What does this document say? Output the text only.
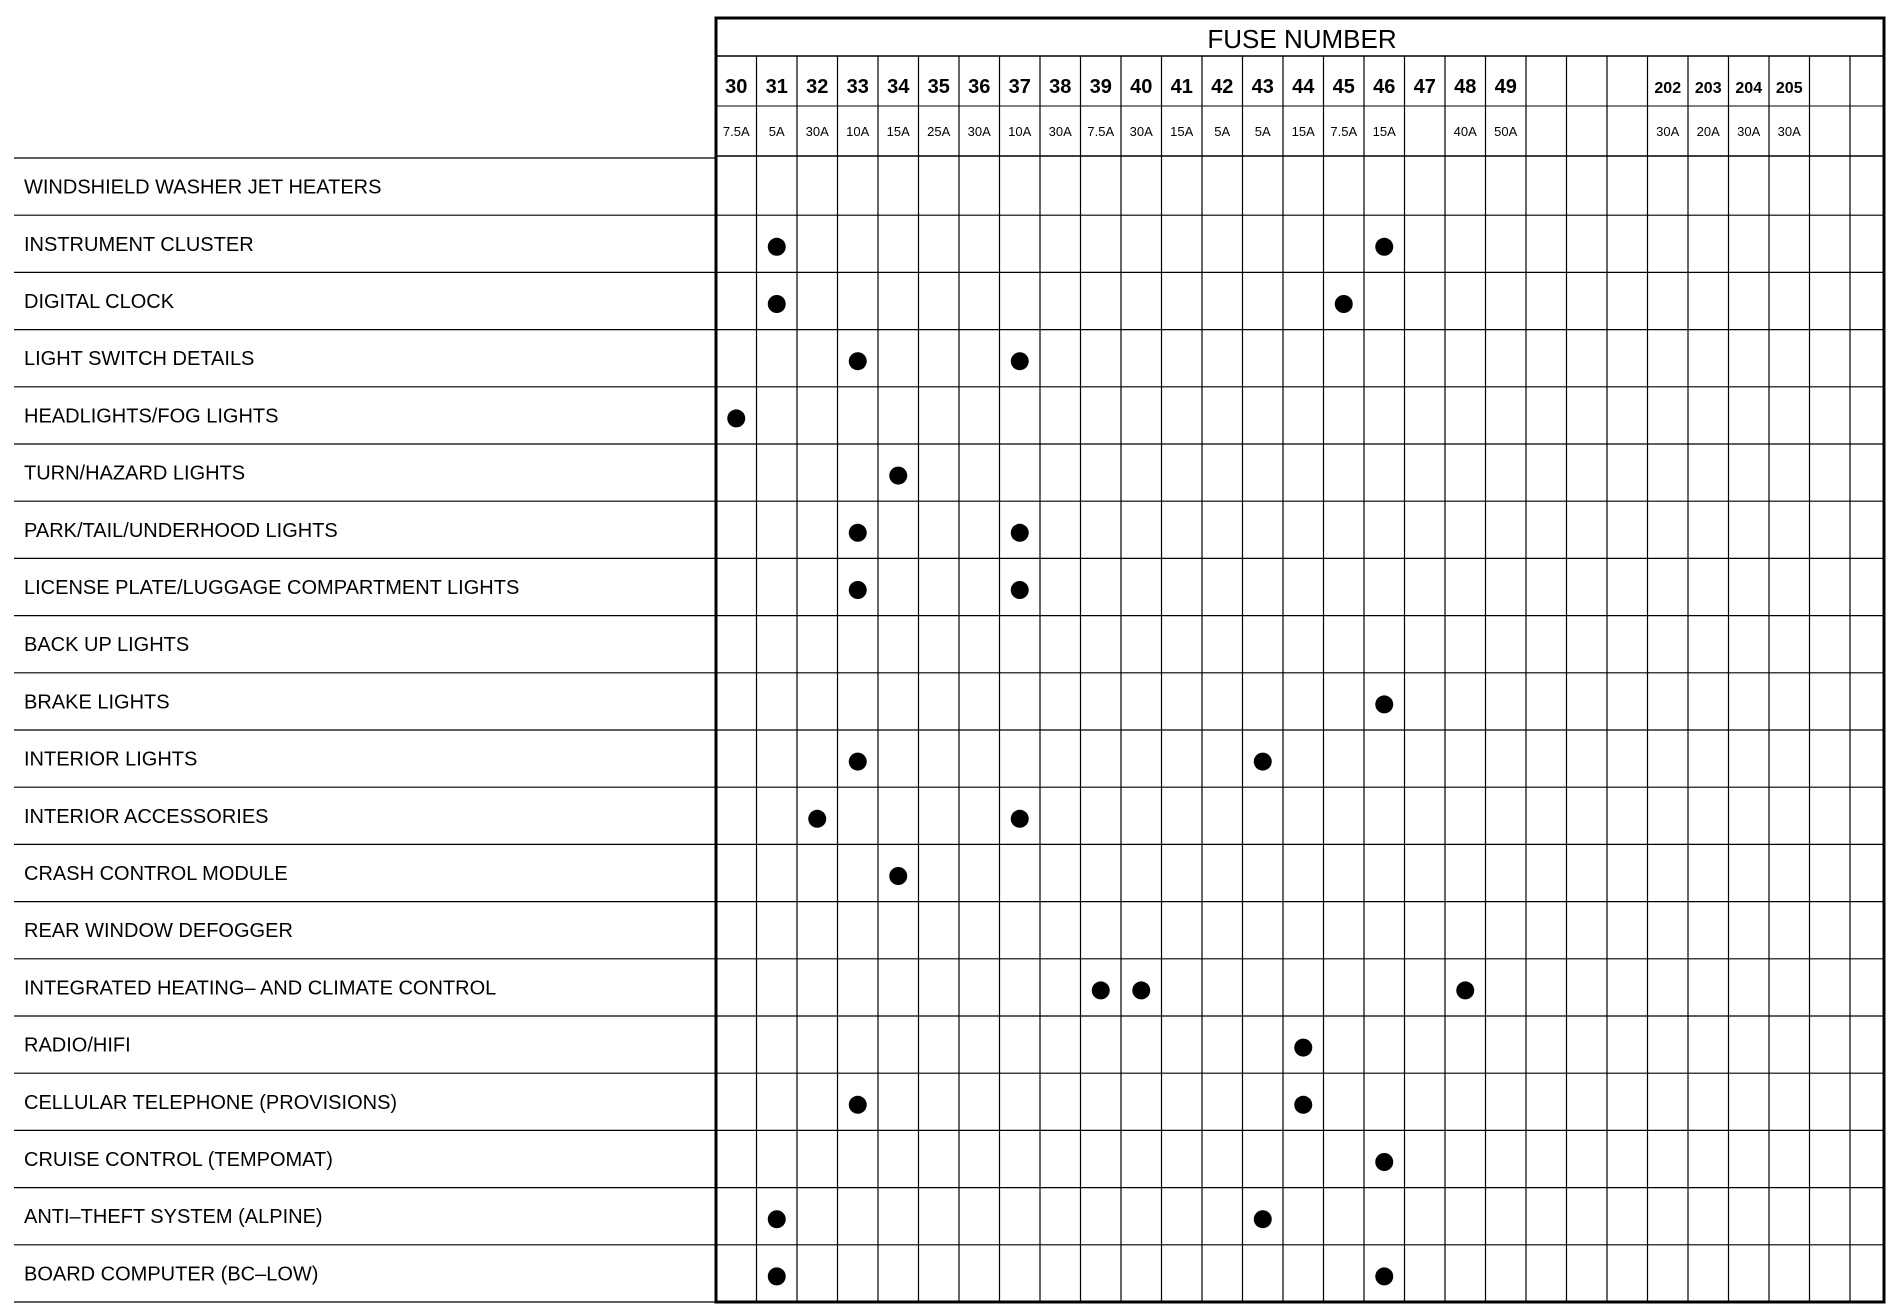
FUSE NUMBER
30
7.5A
31
5A
32
30A
33
10A
34
15A
35
25A
36
30A
37
10A
38
30A
39
7.5A
40
30A
41
15A
42
5A
43
5A
44
15A
45
7.5A
46
15A
47 48
40A
49
50A
202
30A
203
20A
204
30A
205
30A
WINDSHIELD WASHER JET HEATERS
INSTRUMENT CLUSTER
DIGITAL CLOCK
LIGHT SWITCH DETAILS
HEADLIGHTS/FOG LIGHTS
TURN/HAZARD LIGHTS
PARK/TAIL/UNDERHOOD LIGHTS
LICENSE PLATE/LUGGAGE COMPARTMENT LIGHTS
BACK UP LIGHTS
BRAKE LIGHTS
INTERIOR LIGHTS
INTERIOR ACCESSORIES
CRASH CONTROL MODULE
REAR WINDOW DEFOGGER
INTEGRATED HEATING– AND CLIMATE CONTROL
RADIO/HIFI
CELLULAR TELEPHONE (PROVISIONS)
CRUISE CONTROL (TEMPOMAT)
ANTI–THEFT SYSTEM (ALPINE)
BOARD COMPUTER (BC–LOW)
